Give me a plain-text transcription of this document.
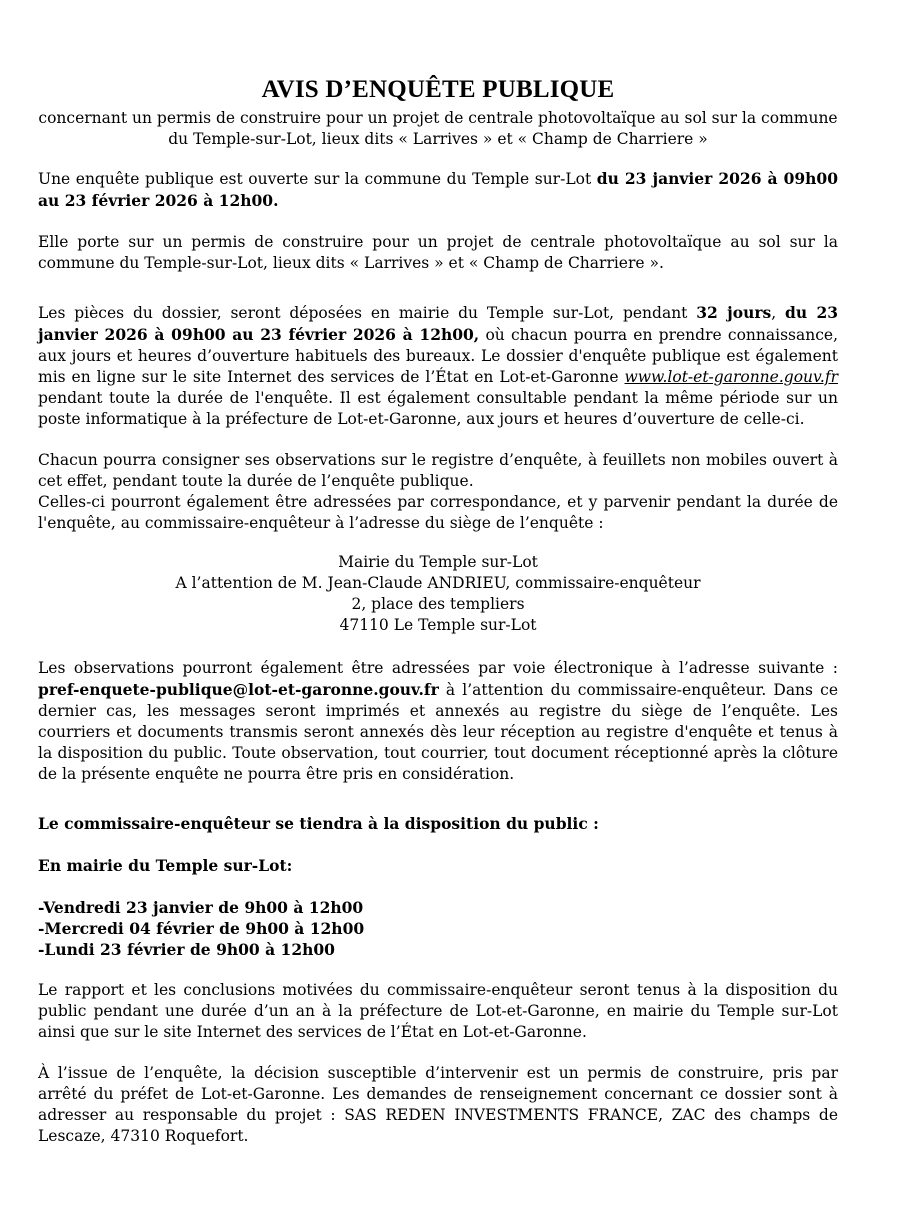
AVIS D’ENQUÊTE PUBLIQUE
concernant un permis de construire pour un projet de centrale photovoltaïque au sol sur la commune du Temple-sur-Lot, lieux dits « Larrives » et « Champ de Charriere »

Une enquête publique est ouverte sur la commune du Temple sur-Lot du 23 janvier 2026 à 09h00 au 23 février 2026 à 12h00.

Elle porte sur un permis de construire pour un projet de centrale photovoltaïque au sol sur la commune du Temple-sur-Lot, lieux dits « Larrives » et « Champ de Charriere ».

Les pièces du dossier, seront déposées en mairie du Temple sur-Lot, pendant 32 jours, du 23 janvier 2026 à 09h00 au 23 février 2026 à 12h00, où chacun pourra en prendre connaissance, aux jours et heures d’ouverture habituels des bureaux. Le dossier d'enquête publique est également mis en ligne sur le site Internet des services de l’État en Lot-et-Garonne www.lot-et-garonne.gouv.fr pendant toute la durée de l'enquête. Il est également consultable pendant la même période sur un poste informatique à la préfecture de Lot-et-Garonne, aux jours et heures d’ouverture de celle-ci.

Chacun pourra consigner ses observations sur le registre d’enquête, à feuillets non mobiles ouvert à cet effet, pendant toute la durée de l’enquête publique.

Celles-ci pourront également être adressées par correspondance, et y parvenir pendant la durée de l'enquête, au commissaire-enquêteur à l’adresse du siège de l’enquête :

Mairie du Temple sur-Lot
A l’attention de M. Jean-Claude ANDRIEU, commissaire-enquêteur
2, place des templiers
47110 Le Temple sur-Lot

Les observations pourront également être adressées par voie électronique à l’adresse suivante : pref-enquete-publique@lot-et-garonne.gouv.fr à l’attention du commissaire-enquêteur. Dans ce dernier cas, les messages seront imprimés et annexés au registre du siège de l’enquête. Les courriers et documents transmis seront annexés dès leur réception au registre d'enquête et tenus à la disposition du public. Toute observation, tout courrier, tout document réceptionné après la clôture de la présente enquête ne pourra être pris en considération.

Le commissaire-enquêteur se tiendra à la disposition du public :

En mairie du Temple sur-Lot:

-Vendredi 23 janvier de 9h00 à 12h00
-Mercredi 04 février de 9h00 à 12h00
-Lundi 23 février de 9h00 à 12h00

Le rapport et les conclusions motivées du commissaire-enquêteur seront tenus à la disposition du public pendant une durée d’un an à la préfecture de Lot-et-Garonne, en mairie du Temple sur-Lot ainsi que sur le site Internet des services de l’État en Lot-et-Garonne.

À l’issue de l’enquête, la décision susceptible d’intervenir est un permis de construire, pris par arrêté du préfet de Lot-et-Garonne. Les demandes de renseignement concernant ce dossier sont à adresser au responsable du projet : SAS REDEN INVESTMENTS FRANCE, ZAC des champs de Lescaze, 47310 Roquefort.
